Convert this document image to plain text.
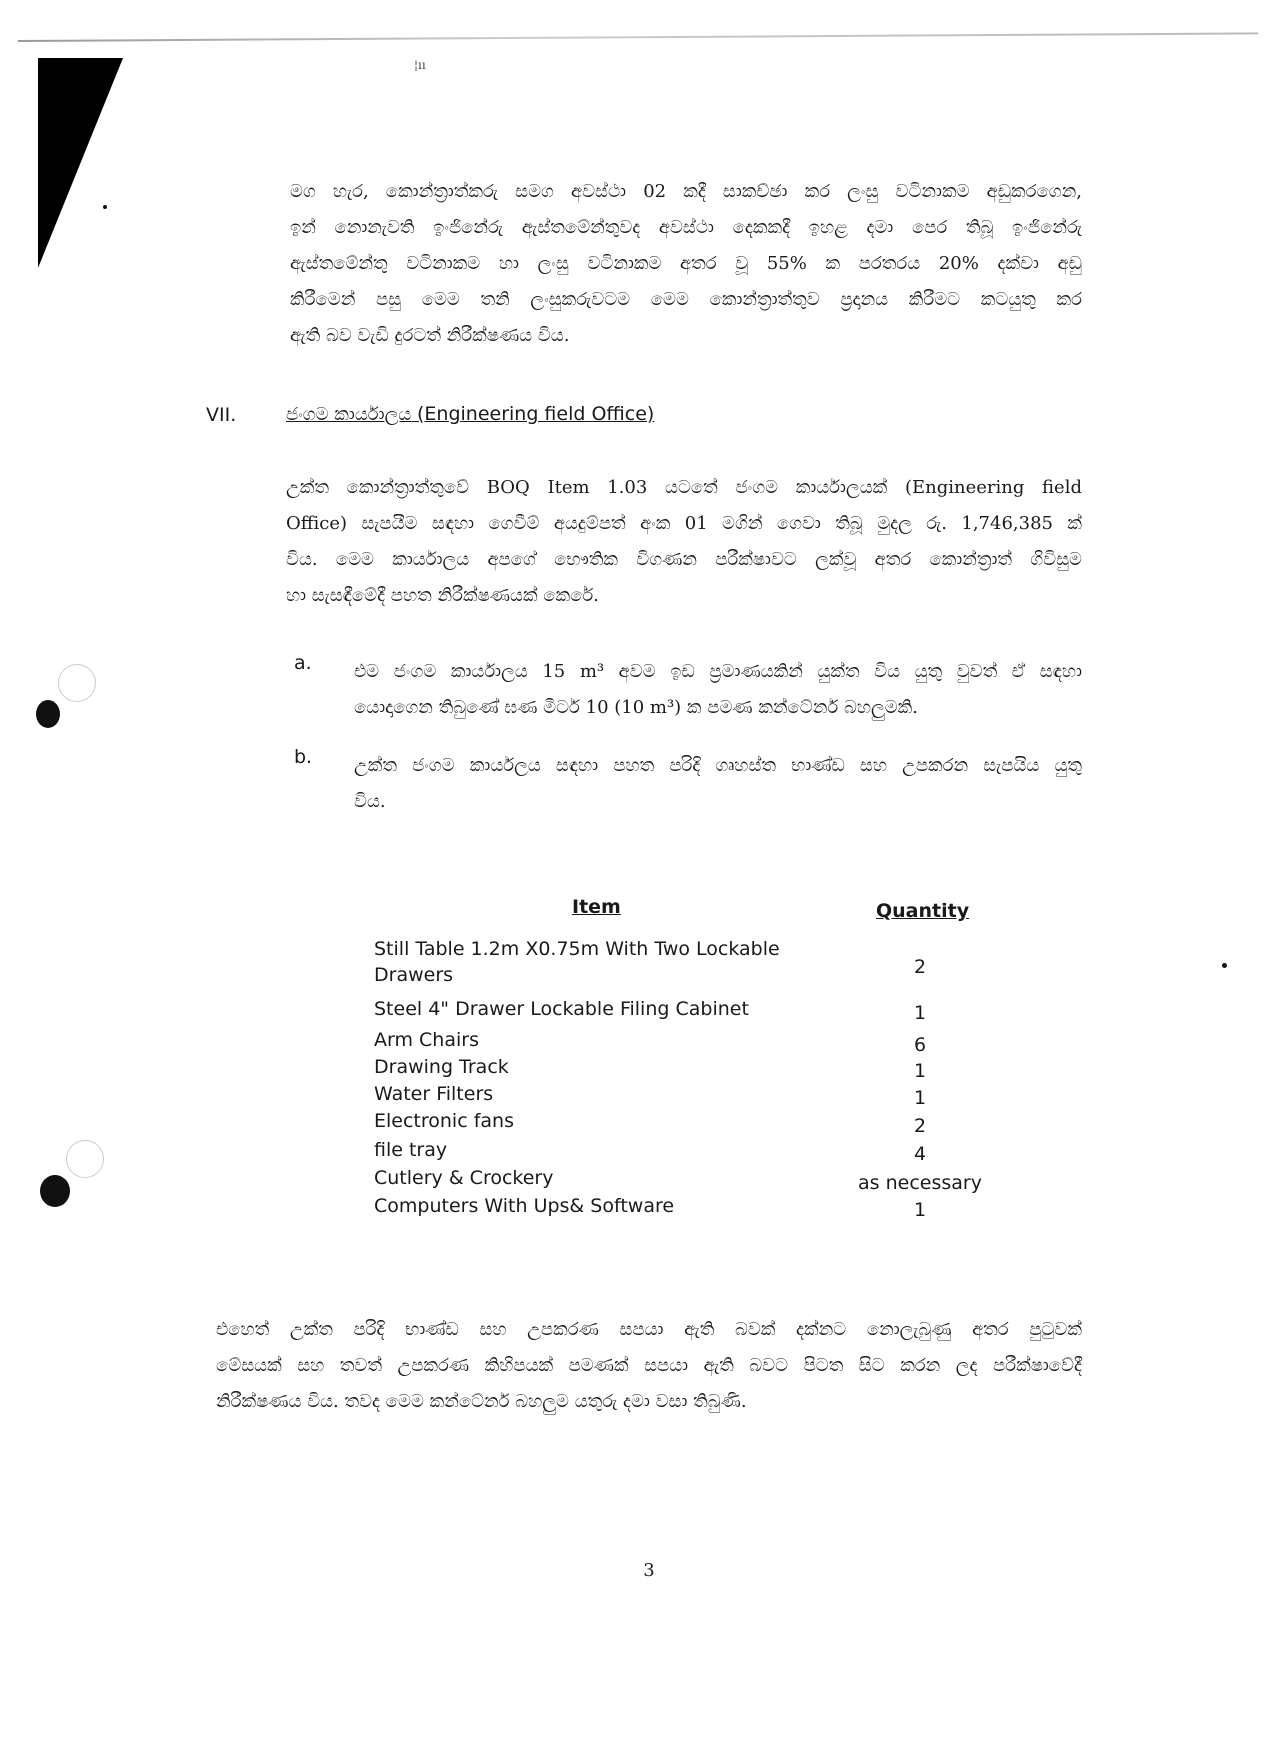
¦ıı
මග හැර, කොන්ත්‍රාත්කරු සමග අවස්ථා 02 කදී සාකච්ඡා කර ලංසු වටිනාකම අඩුකරගෙන,
ඉන් නොනැවති ඉංජිනේරු ඇස්තමේන්තුවද අවස්ථා දෙකකදී ඉහළ දමා පෙර තිබූ ඉංජිනේරු
ඇස්තමේන්තු වටිනාකම හා ලංසු වටිනාකම අතර වූ 55% ක පරතරය 20% දක්වා අඩු
කිරීමෙන් පසු මෙම තනි ලංසුකරුවටම මෙම කොන්ත්‍රාත්තුව ප්‍රදානය කිරීමට කටයුතු කර
ඇති බව වැඩි දුරටත් නිරීක්ෂණය විය.
VII.	ජංගම කාර්යාලය (Engineering field Office)
උක්ත කොන්ත්‍රාත්තුවේ BOQ Item 1.03 යටතේ ජංගම කාර්යාලයක් (Engineering field
Office) සැපයීම සඳහා ගෙවීම් අයදුම්පත් අංක 01 මගින් ගෙවා තිබූ මුදල රු. 1,746,385 ක්
විය. මෙම කාර්යාලය අපගේ භෞතික විගණන පරීක්ෂාවට ලක්වූ අතර කොන්ත්‍රාත් ගිවිසුම
හා සැසඳීමේදී පහත නිරීක්ෂණයක් කෙරේ.
a. එම ජංගම කාර්යාලය 15 m³ අවම ඉඩ ප්‍රමාණයකින් යුක්ත විය යුතු වුවත් ඒ සඳහා
යොදාගෙන තිබුණේ ඝණ මීටර් 10 (10 m³) ක පමණ කන්ටේනර් බහලුමකි.
b. උක්ත ජංගම කාර්යලය සඳහා පහත පරිදි ගෘහස්ත භාණ්ඩ සහ උපකරන සැපයිය යුතු
විය.
Item	Quantity
Still Table 1.2m X0.75m With Two Lockable
Drawers	2
Steel 4" Drawer Lockable Filing Cabinet	1
Arm Chairs	6
Drawing Track	1
Water Filters	1
Electronic fans	2
file tray	4
Cutlery & Crockery	as necessary
Computers With Ups& Software	1
එහෙත් උක්ත පරිදි භාණ්ඩ සහ උපකරණ සපයා ඇති බවක් දක්නට නොලැබුණු අතර පුටුවක්
මේසයක් සහ තවත් උපකරණ කිහිපයක් පමණක් සපයා ඇති බවට පිටත සිට කරන ලද පරීක්ෂාවේදී
නිරීක්ෂණය විය. තවද මෙම කන්ටේනර් බහලුම යතුරු දමා වසා තිබුණි.
3
